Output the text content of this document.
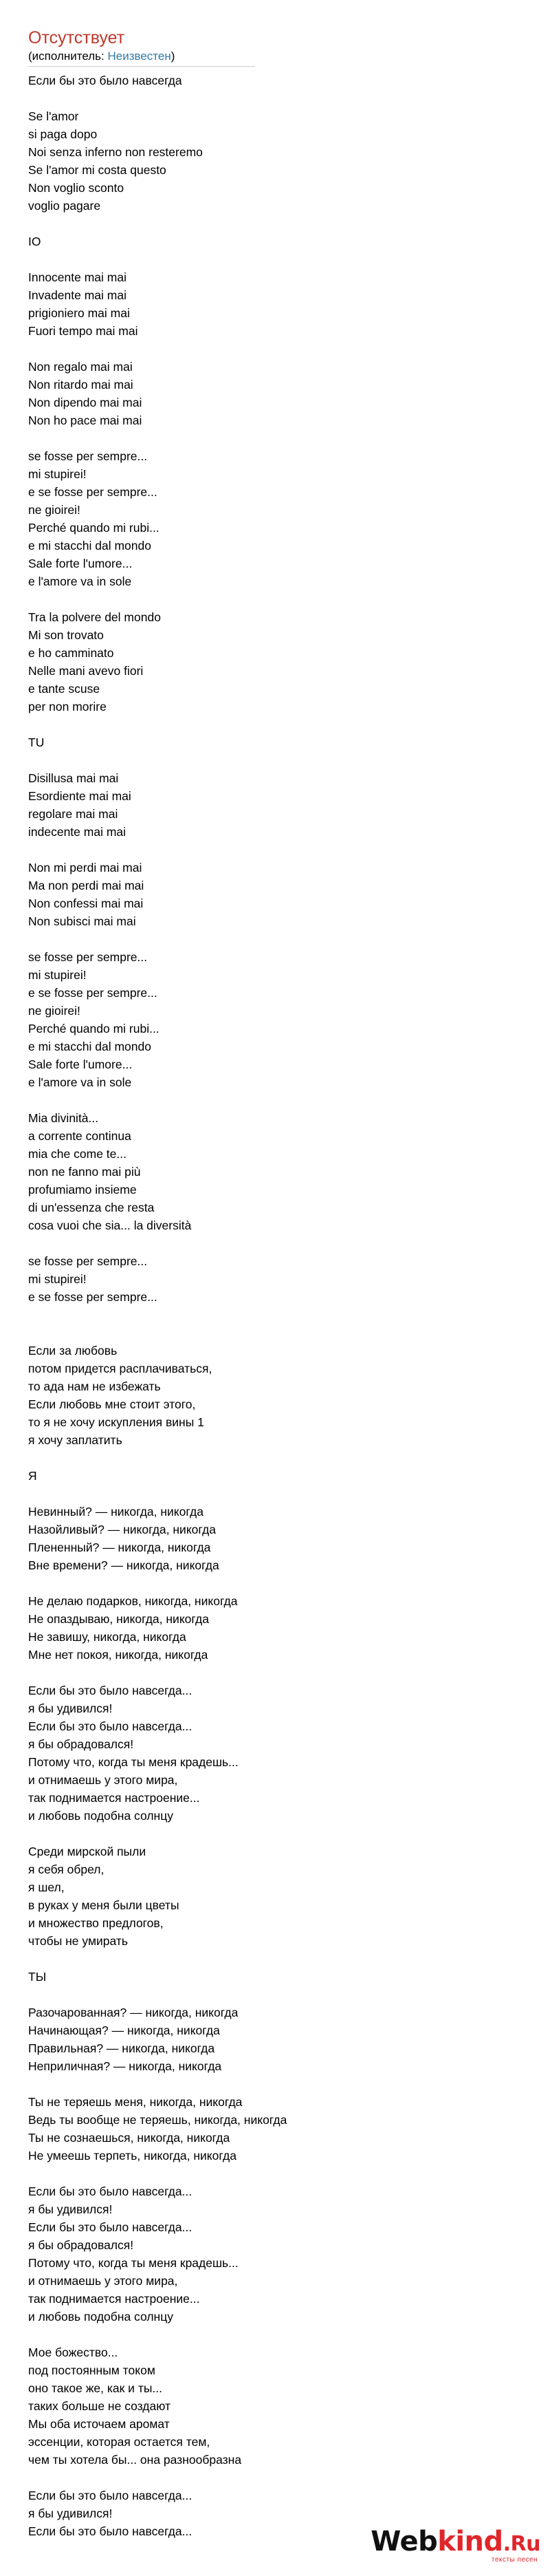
Отсутствует
(исполнитель: Неизвестен)
Если бы это было навсегда
Se l'amor
si paga dopo
Noi senza inferno non resteremo
Se l'amor mi costa questo
Non voglio sconto
voglio pagare
IO
Innocente mai mai
Invadente mai mai
prigioniero mai mai
Fuori tempo mai mai
Non regalo mai mai
Non ritardo mai mai
Non dipendo mai mai
Non ho pace mai mai
se fosse per sempre...
mi stupirei!
e se fosse per sempre...
ne gioirei!
Perché quando mi rubi...
e mi stacchi dal mondo
Sale forte l'umore...
e l'amore va in sole
Tra la polvere del mondo
Mi son trovato
e ho camminato
Nelle mani avevo fiori
e tante scuse
per non morire
TU
Disillusa mai mai
Esordiente mai mai
regolare mai mai
indecente mai mai
Non mi perdi mai mai
Ma non perdi mai mai
Non confessi mai mai
Non subisci mai mai
se fosse per sempre...
mi stupirei!
e se fosse per sempre...
ne gioirei!
Perché quando mi rubi...
e mi stacchi dal mondo
Sale forte l'umore...
e l'amore va in sole
Mia divinità...
a corrente continua
mia che come te...
non ne fanno mai più
profumiamo insieme
di un'essenza che resta
cosa vuoi che sia... la diversità
se fosse per sempre...
mi stupirei!
e se fosse per sempre...
Если за любовь
потом придется расплачиваться,
то ада нам не избежать
Если любовь мне стоит этого,
то я не хочу искупления вины 1
я хочу заплатить
Я
Невинный? — никогда, никогда
Назойливый? — никогда, никогда
Плененный? — никогда, никогда
Вне времени? — никогда, никогда
Не делаю подарков, никогда, никогда
Не опаздываю, никогда, никогда
Не завишу, никогда, никогда
Мне нет покоя, никогда, никогда
Если бы это было навсегда...
я бы удивился!
Если бы это было навсегда...
я бы обрадовался!
Потому что, когда ты меня крадешь...
и отнимаешь у этого мира,
так поднимается настроение...
и любовь подобна солнцу
Среди мирской пыли
я себя обрел,
я шел,
в руках у меня были цветы
и множество предлогов,
чтобы не умирать
ТЫ
Разочарованная? — никогда, никогда
Начинающая? — никогда, никогда
Правильная? — никогда, никогда
Неприличная? — никогда, никогда
Ты не теряешь меня, никогда, никогда
Ведь ты вообще не теряешь, никогда, никогда
Ты не сознаешься, никогда, никогда
Не умеешь терпеть, никогда, никогда
Если бы это было навсегда...
я бы удивился!
Если бы это было навсегда...
я бы обрадовался!
Потому что, когда ты меня крадешь...
и отнимаешь у этого мира,
так поднимается настроение...
и любовь подобна солнцу
Мое божество...
под постоянным током
оно такое же, как и ты...
таких больше не создают
Мы оба источаем аромат
эссенции, которая остается тем,
чем ты хотела бы... она разнообразна
Если бы это было навсегда...
я бы удивился!
Если бы это было навсегда...	Webkind.Ru
тексты песен
